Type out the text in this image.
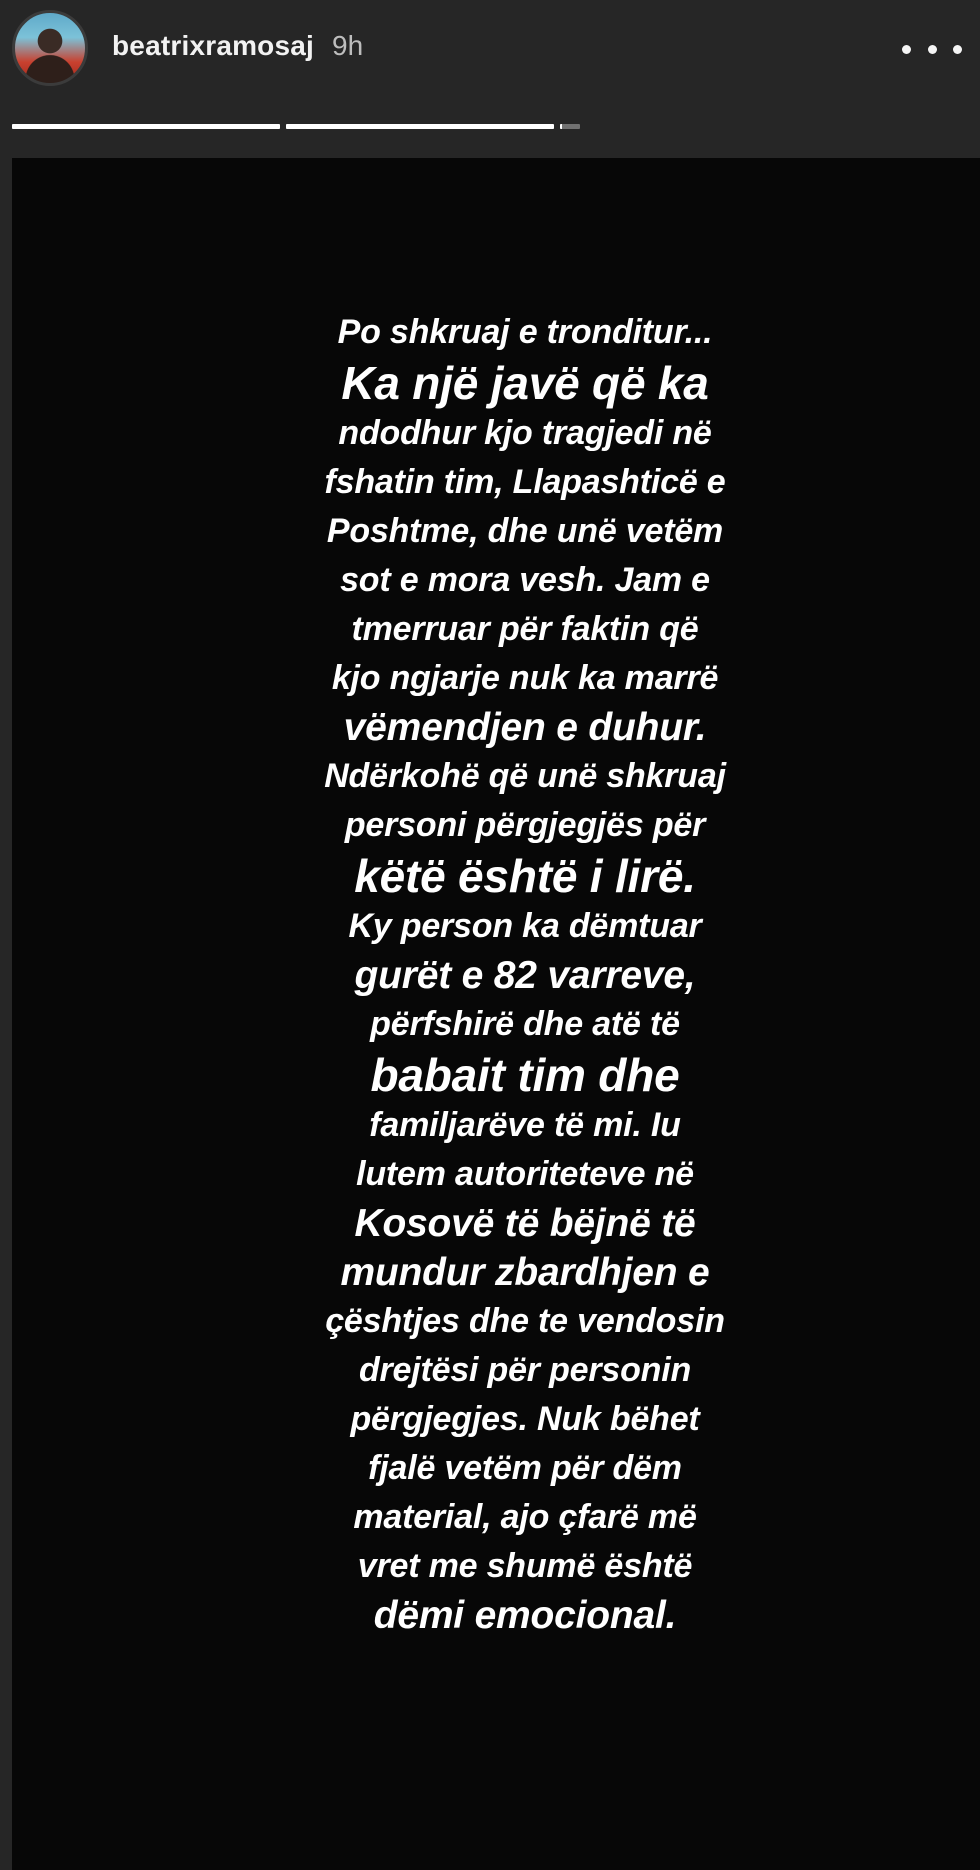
beatrixramosaj 9h
Po shkruaj e tronditur...
Ka një javë që ka
ndodhur kjo tragjedi në
fshatin tim, Llapashticë e
Poshtme, dhe unë vetëm
sot e mora vesh. Jam e
tmerruar për faktin që
kjo ngjarje nuk ka marrë
vëmendjen e duhur.
Ndërkohë që unë shkruaj
personi përgjegjës për
këtë është i lirë.
Ky person ka dëmtuar
gurët e 82 varreve,
përfshirë dhe atë të
babait tim dhe
familjarëve të mi. Iu
lutem autoriteteve në
Kosovë të bëjnë të
mundur zbardhjen e
çështjes dhe te vendosin
drejtësi për personin
përgjegjes. Nuk bëhet
fjalë vetëm për dëm
material, ajo çfarë më
vret me shumë është
dëmi emocional.
